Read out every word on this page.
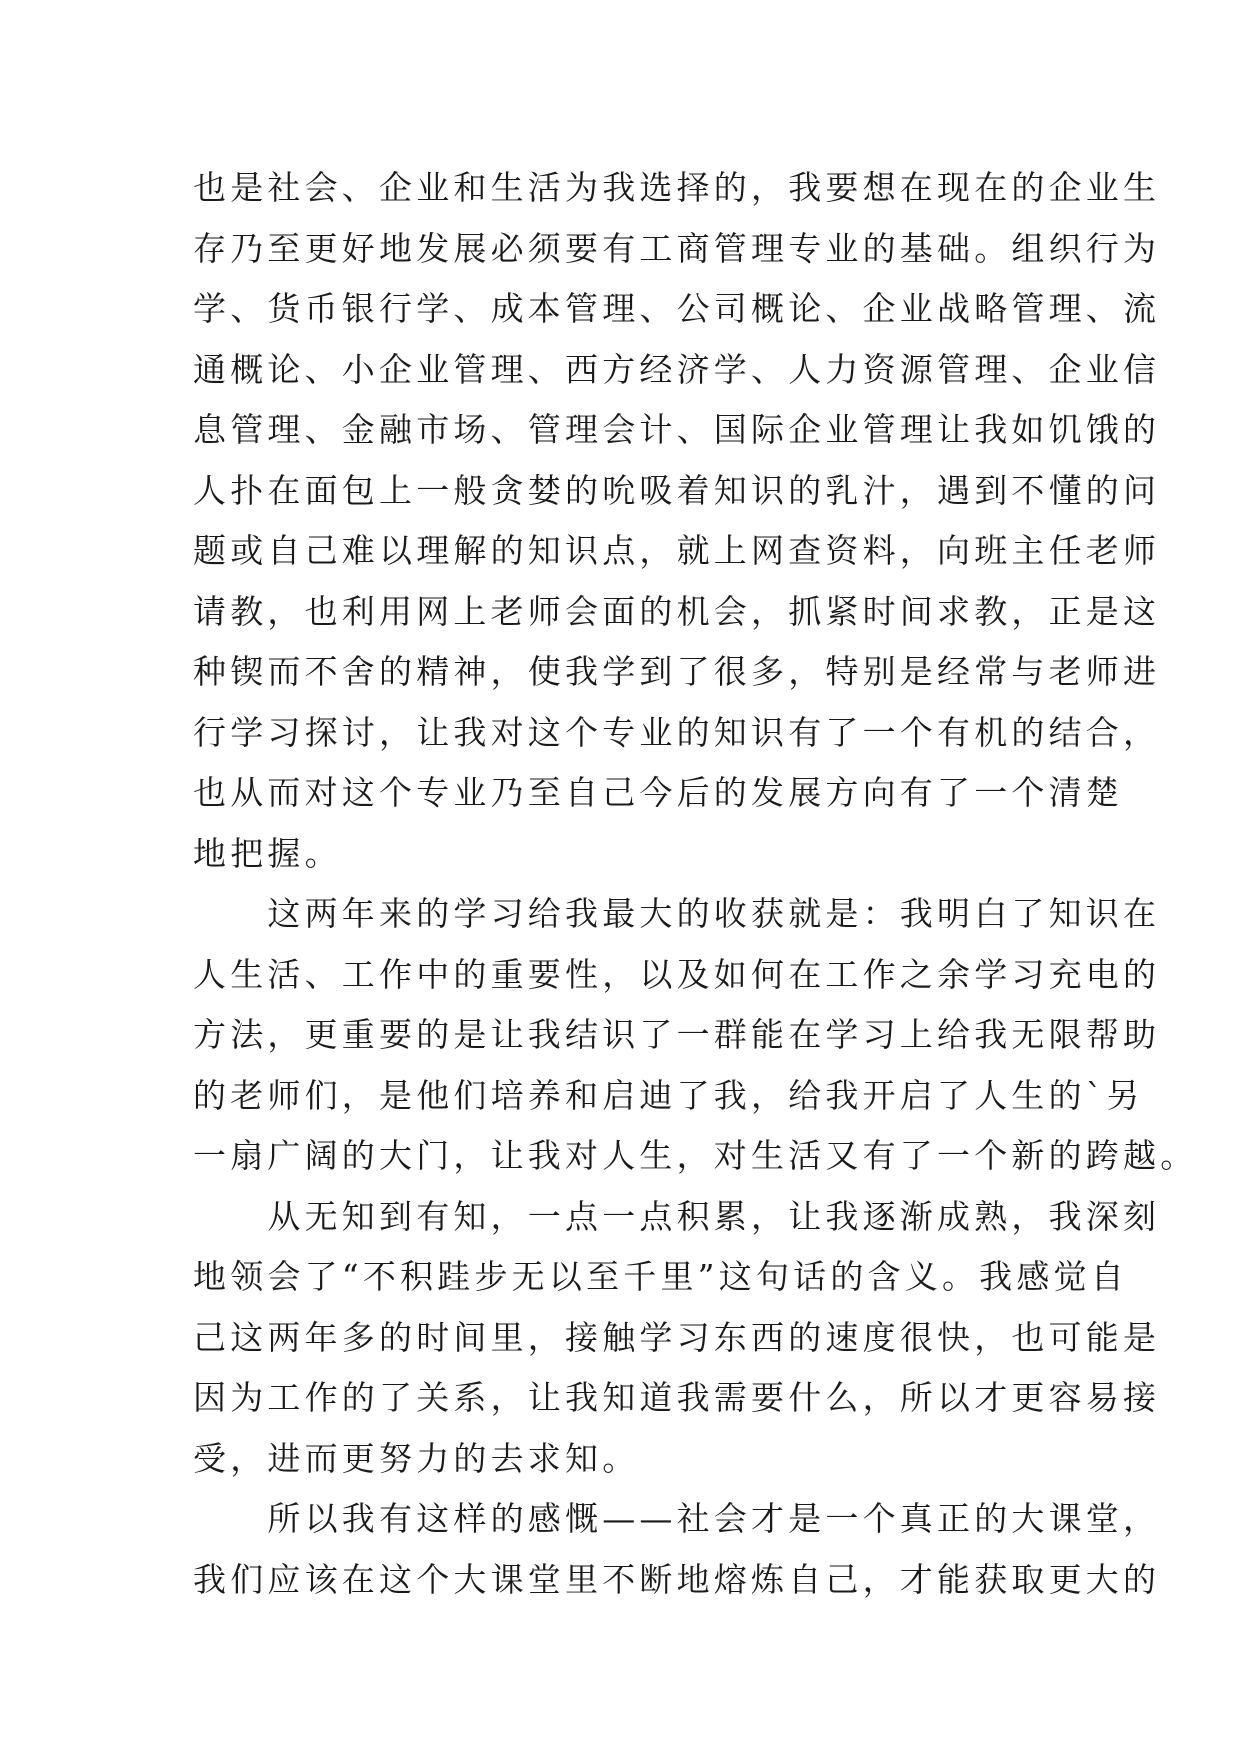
也是社会、企业和生活为我选择的，我要想在现在的企业生
存乃至更好地发展必须要有工商管理专业的基础。组织行为
学、货币银行学、成本管理、公司概论、企业战略管理、流
通概论、小企业管理、西方经济学、人力资源管理、企业信
息管理、金融市场、管理会计、国际企业管理让我如饥饿的
人扑在面包上一般贪婪的吮吸着知识的乳汁，遇到不懂的问
题或自己难以理解的知识点，就上网查资料，向班主任老师
请教，也利用网上老师会面的机会，抓紧时间求教，正是这
种锲而不舍的精神，使我学到了很多，特别是经常与老师进
行学习探讨，让我对这个专业的知识有了一个有机的结合，
也从而对这个专业乃至自己今后的发展方向有了一个清楚
地把握。
　　这两年来的学习给我最大的收获就是：我明白了知识在
人生活、工作中的重要性，以及如何在工作之余学习充电的
方法，更重要的是让我结识了一群能在学习上给我无限帮助
的老师们，是他们培养和启迪了我，给我开启了人生的`另
一扇广阔的大门，让我对人生，对生活又有了一个新的跨越。
　　从无知到有知，一点一点积累，让我逐渐成熟，我深刻
地领会了“不积跬步无以至千里”这句话的含义。我感觉自
己这两年多的时间里，接触学习东西的速度很快，也可能是
因为工作的了关系，让我知道我需要什么，所以才更容易接
受，进而更努力的去求知。
　　所以我有这样的感慨——社会才是一个真正的大课堂，
我们应该在这个大课堂里不断地熔炼自己，才能获取更大的
